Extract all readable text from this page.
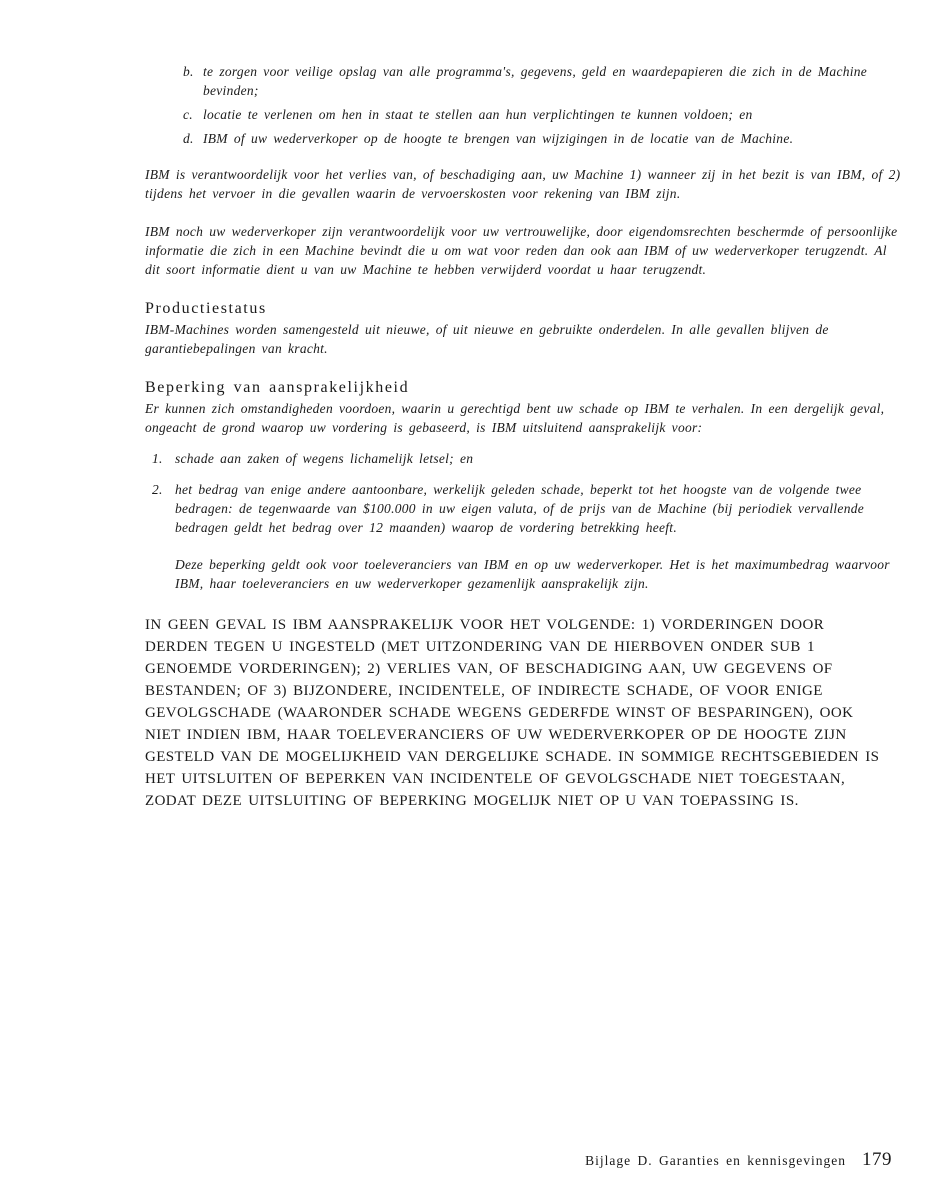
b. te zorgen voor veilige opslag van alle programma's, gegevens, geld en waardepapieren die zich in de Machine bevinden;
c. locatie te verlenen om hen in staat te stellen aan hun verplichtingen te kunnen voldoen; en
d. IBM of uw wederverkoper op de hoogte te brengen van wijzigingen in de locatie van de Machine.

IBM is verantwoordelijk voor het verlies van, of beschadiging aan, uw Machine 1) wanneer zij in het bezit is van IBM, of 2) tijdens het vervoer in die gevallen waarin de vervoerskosten voor rekening van IBM zijn.

IBM noch uw wederverkoper zijn verantwoordelijk voor uw vertrouwelijke, door eigendomsrechten beschermde of persoonlijke informatie die zich in een Machine bevindt die u om wat voor reden dan ook aan IBM of uw wederverkoper terugzendt. Al dit soort informatie dient u van uw Machine te hebben verwijderd voordat u haar terugzendt.

Productiestatus

IBM-Machines worden samengesteld uit nieuwe, of uit nieuwe en gebruikte onderdelen. In alle gevallen blijven de garantiebepalingen van kracht.

Beperking van aansprakelijkheid

Er kunnen zich omstandigheden voordoen, waarin u gerechtigd bent uw schade op IBM te verhalen. In een dergelijk geval, ongeacht de grond waarop uw vordering is gebaseerd, is IBM uitsluitend aansprakelijk voor:

1. schade aan zaken of wegens lichamelijk letsel; en
2. het bedrag van enige andere aantoonbare, werkelijk geleden schade, beperkt tot het hoogste van de volgende twee bedragen: de tegenwaarde van $100.000 in uw eigen valuta, of de prijs van de Machine (bij periodiek vervallende bedragen geldt het bedrag over 12 maanden) waarop de vordering betrekking heeft.

Deze beperking geldt ook voor toeleveranciers van IBM en op uw wederverkoper. Het is het maximumbedrag waarvoor IBM, haar toeleveranciers en uw wederverkoper gezamenlijk aansprakelijk zijn.

IN GEEN GEVAL IS IBM AANSPRAKELIJK VOOR HET VOLGENDE: 1) VORDERINGEN DOOR DERDEN TEGEN U INGESTELD (MET UITZONDERING VAN DE HIERBOVEN ONDER SUB 1 GENOEMDE VORDERINGEN); 2) VERLIES VAN, OF BESCHADIGING AAN, UW GEGEVENS OF BESTANDEN; OF 3) BIJZONDERE, INCIDENTELE, OF INDIRECTE SCHADE, OF VOOR ENIGE GEVOLGSCHADE (WAARONDER SCHADE WEGENS GEDERFDE WINST OF BESPARINGEN), OOK NIET INDIEN IBM, HAAR TOELEVERANCIERS OF UW WEDERVERKOPER OP DE HOOGTE ZIJN GESTELD VAN DE MOGELIJKHEID VAN DERGELIJKE SCHADE. IN SOMMIGE RECHTSGEBIEDEN IS HET UITSLUITEN OF BEPERKEN VAN INCIDENTELE OF GEVOLGSCHADE NIET TOEGESTAAN, ZODAT DEZE UITSLUITING OF BEPERKING MOGELIJK NIET OP U VAN TOEPASSING IS.

Bijlage D. Garanties en kennisgevingen 179
